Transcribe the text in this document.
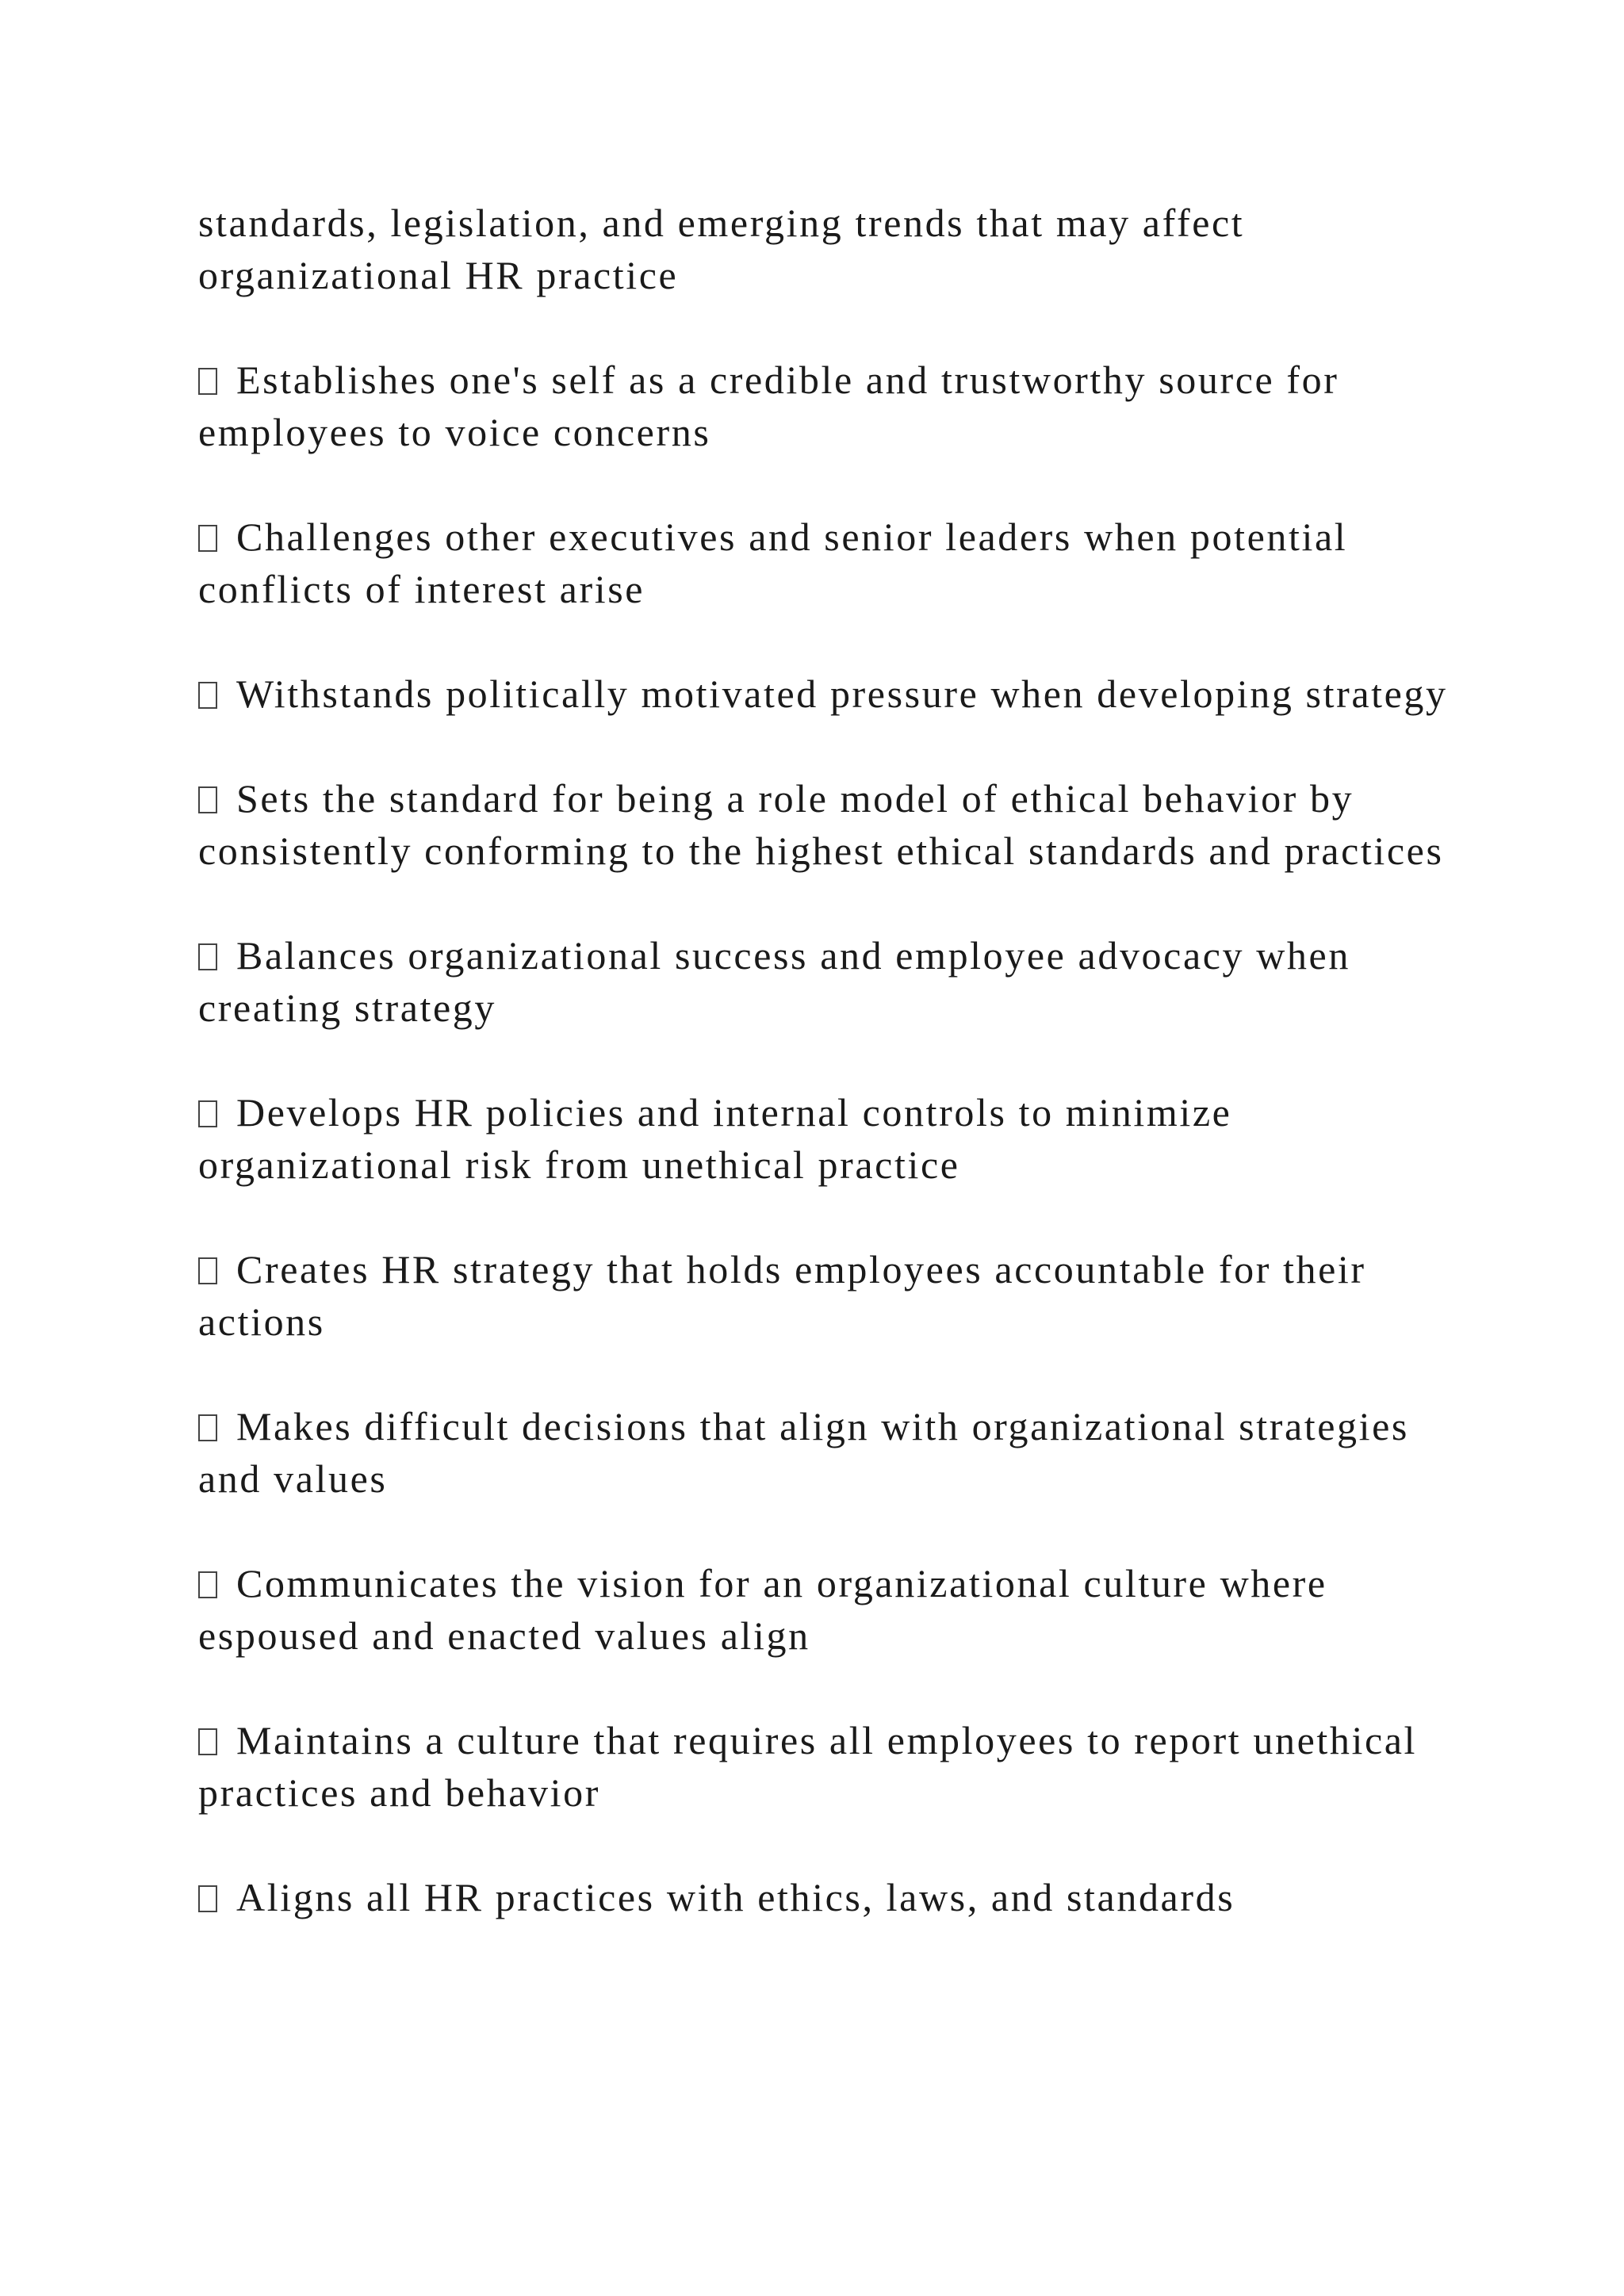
standards, legislation, and emerging trends that may affect organizational HR practice

Establishes one's self as a credible and trustworthy source for employees to voice concerns
Challenges other executives and senior leaders when potential conflicts of interest arise
Withstands politically motivated pressure when developing strategy
Sets the standard for being a role model of ethical behavior by consistently conforming to the highest ethical standards and practices
Balances organizational success and employee advocacy when creating strategy
Develops HR policies and internal controls to minimize organizational risk from unethical practice
Creates HR strategy that holds employees accountable for their actions
Makes difficult decisions that align with organizational strategies and values
Communicates the vision for an organizational culture where espoused and enacted values align
Maintains a culture that requires all employees to report unethical practices and behavior
Aligns all HR practices with ethics, laws, and standards
